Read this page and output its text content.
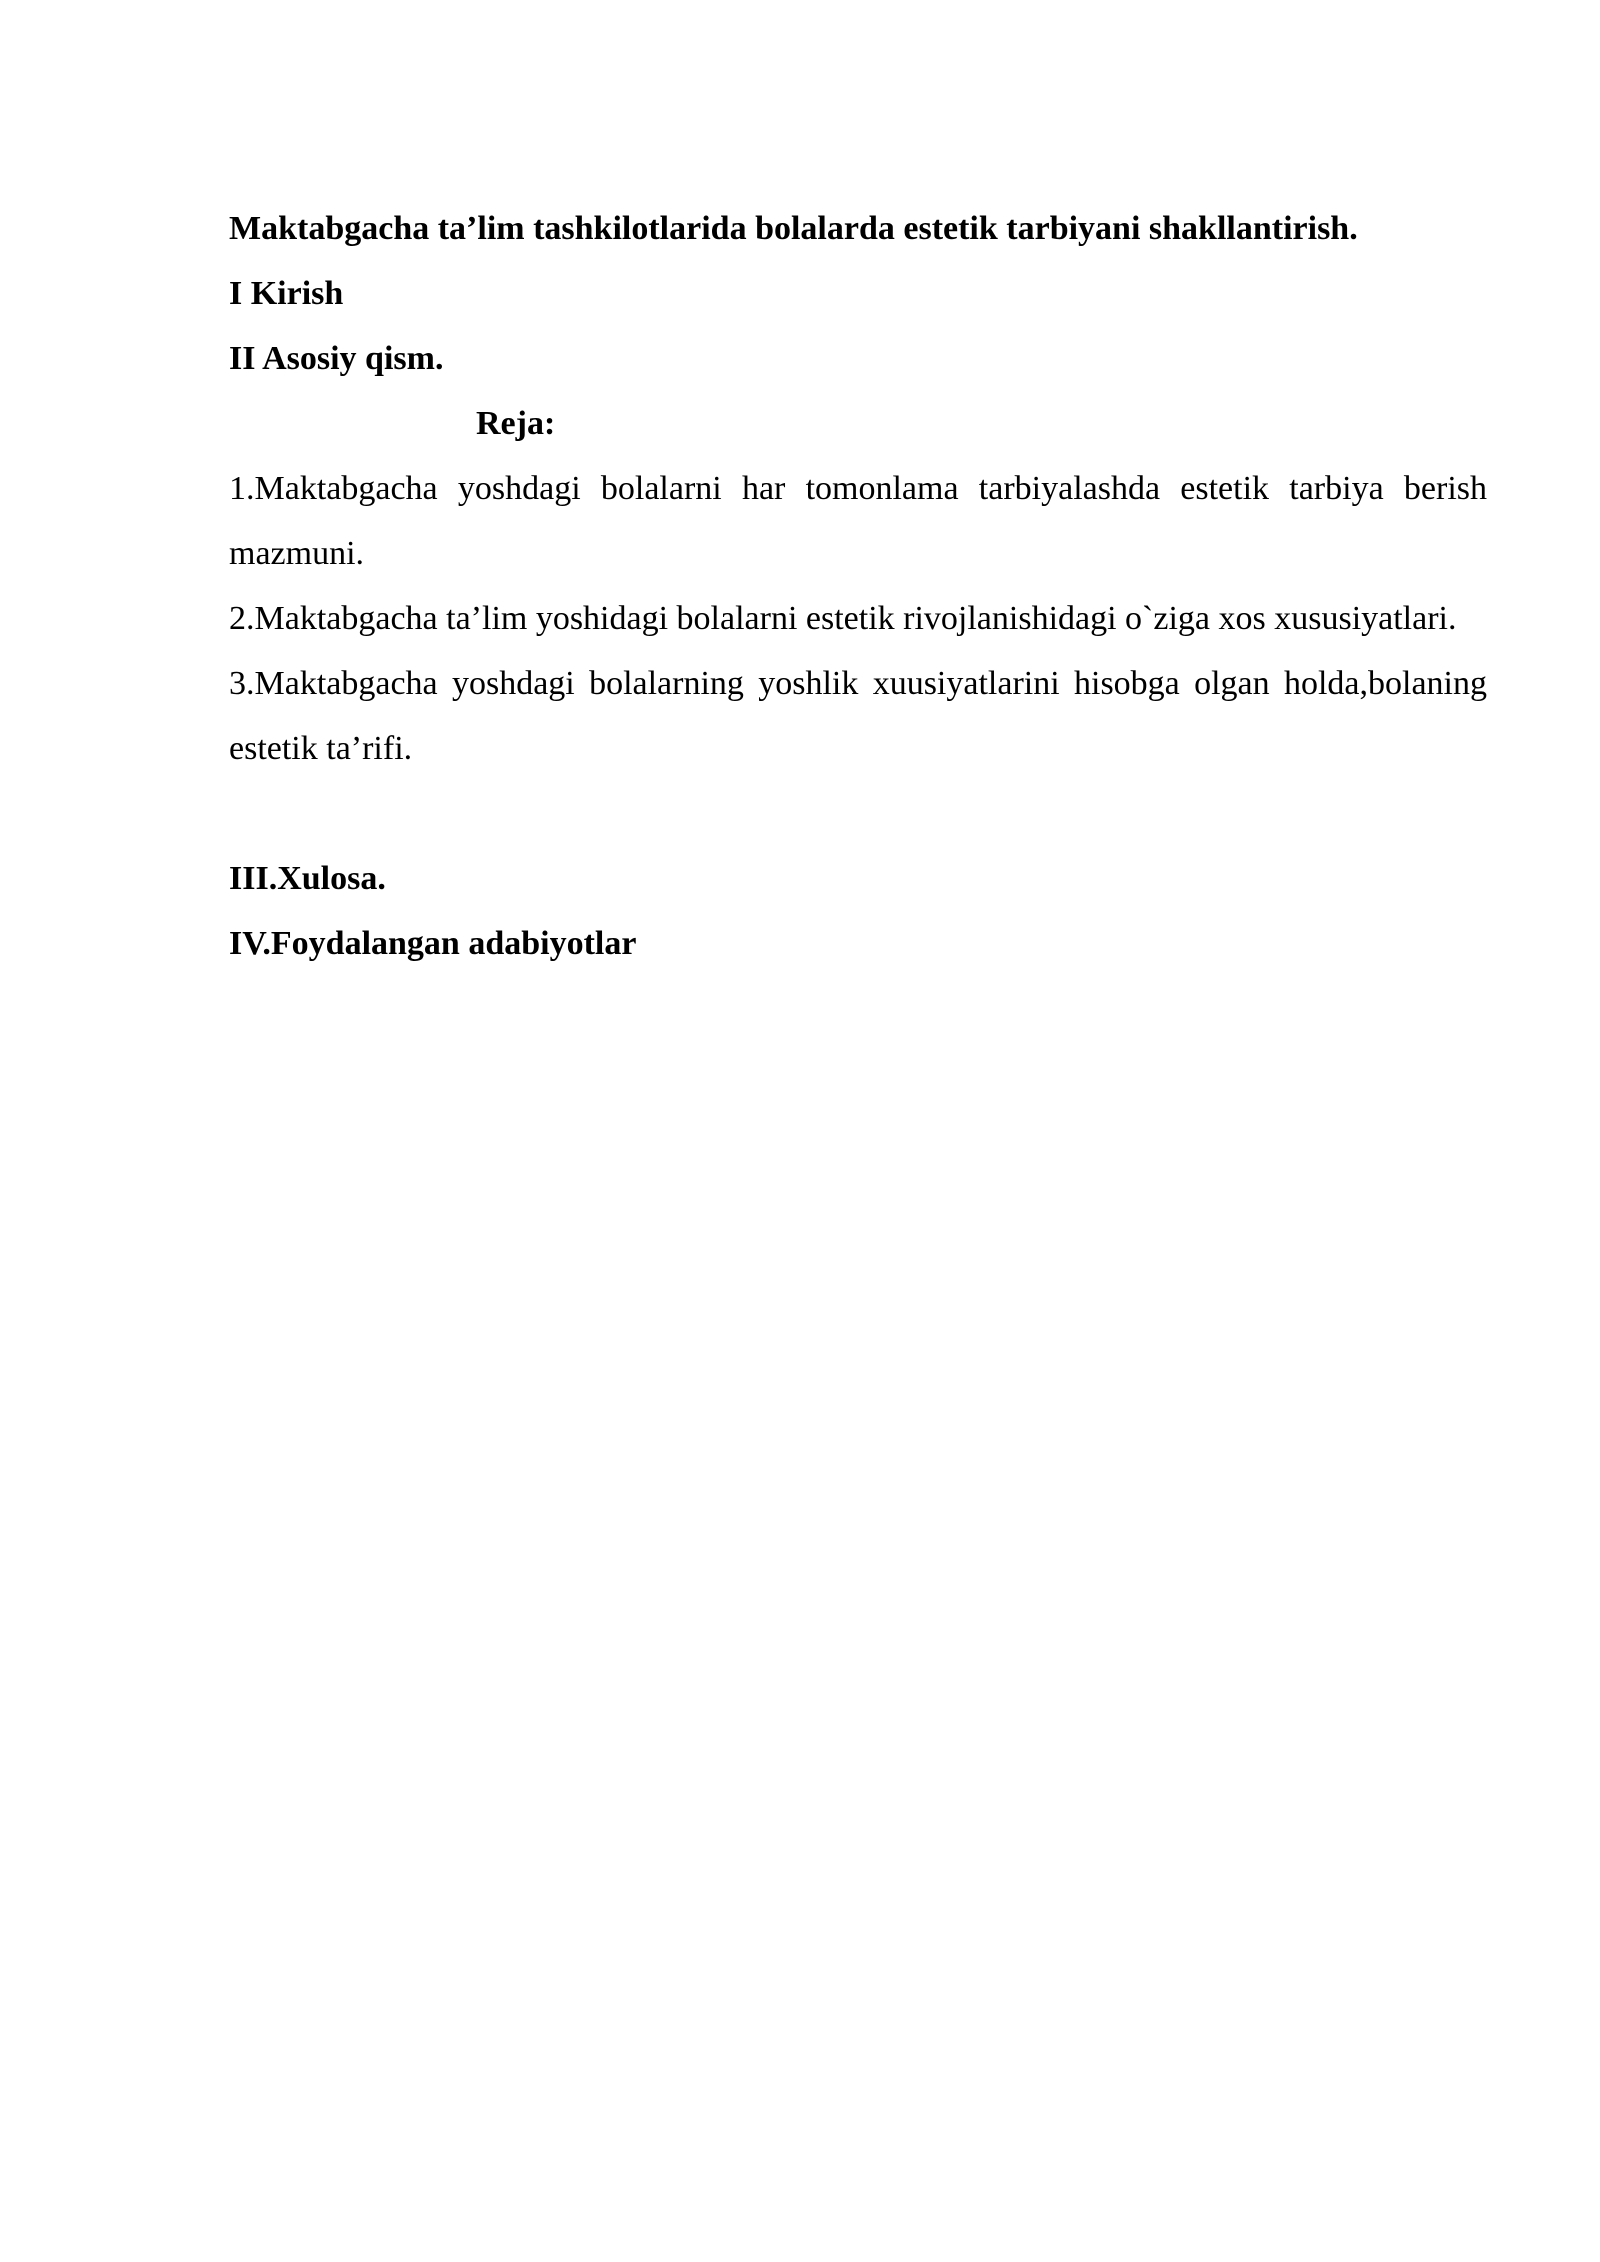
Maktabgacha ta’lim tashkilotlarida bolalarda estetik tarbiyani shakllantirish.

I Kirish

II Asosiy qism.

Reja:

1.Maktabgacha yoshdagi bolalarni har tomonlama tarbiyalashda estetik tarbiya berish mazmuni.

2.Maktabgacha ta’lim yoshidagi bolalarni estetik rivojlanishidagi o`ziga xos xususiyatlari.

3.Maktabgacha yoshdagi bolalarning yoshlik xuusiyatlarini hisobga olgan holda,bolaning estetik ta’rifi.

III.Xulosa.

IV.Foydalangan adabiyotlar
